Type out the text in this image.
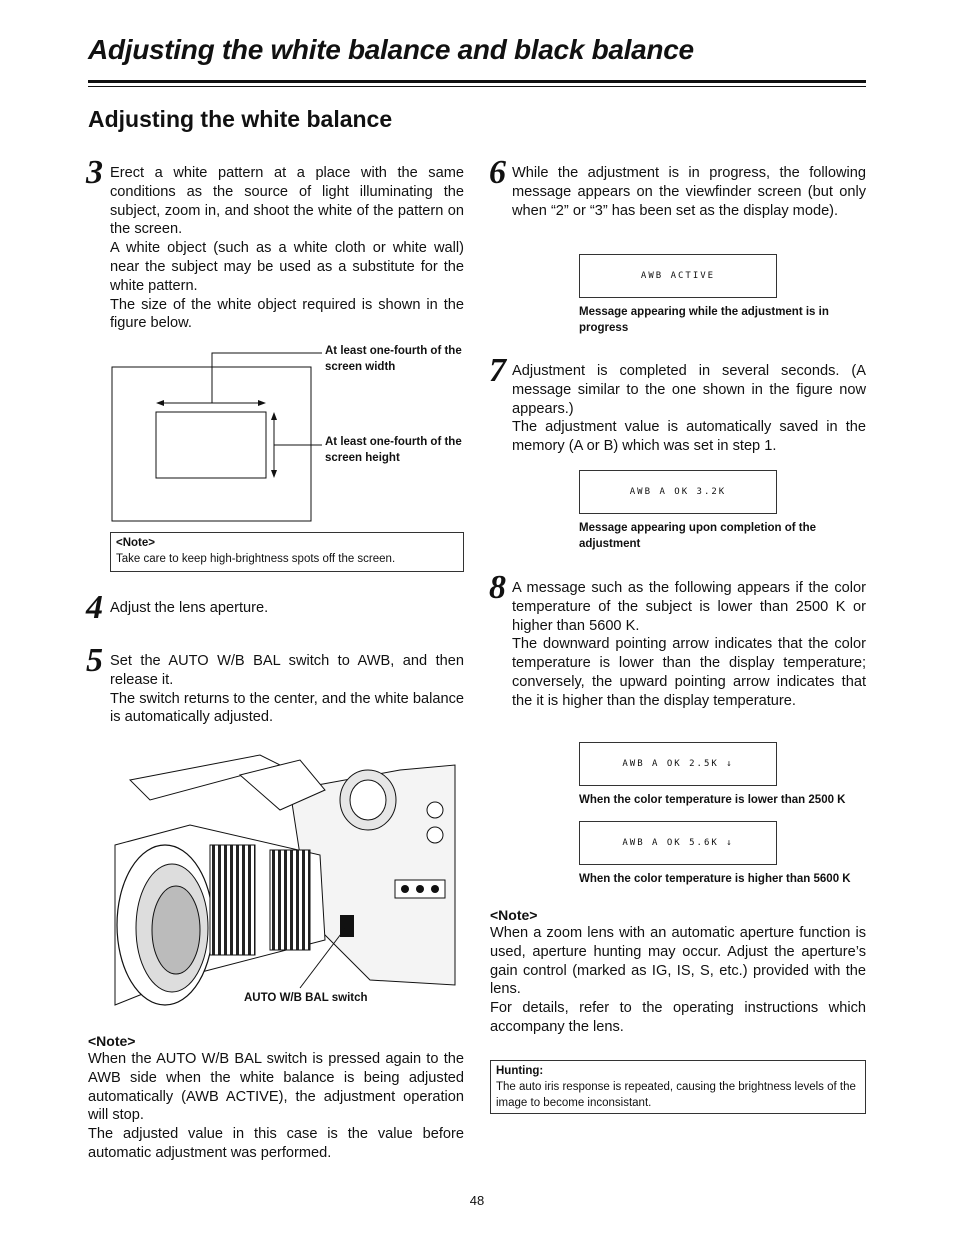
Adjusting the white balance and black balance
Adjusting the white balance
3 Erect a white pattern at a place with the same conditions as the source of light illuminating the subject, zoom in, and shoot the white of the pattern on the screen.

A white object (such as a white cloth or white wall) near the subject may be used as a substitute for the white pattern.

The size of the white object required is shown in the figure below.

At least one-fourth of the screen width
At least one-fourth of the screen height
<Note>
Take care to keep high-brightness spots off the screen.
4 Adjust the lens aperture.
5 Set the AUTO W/B BAL switch to AWB, and then release it.

The switch returns to the center, and the white balance is automatically adjusted.

AUTO W/B BAL switch
<Note>

When the AUTO W/B BAL switch is pressed again to the AWB side when the white balance is being adjusted automatically (AWB ACTIVE), the adjustment operation will stop.

The adjusted value in this case is the value before automatic adjustment was performed.

6 While the adjustment is in progress, the following message appears on the viewfinder screen (but only when “2” or “3” has been set as the display mode).
AWB ACTIVE
Message appearing while the adjustment is in progress
7 Adjustment is completed in several seconds. (A message similar to the one shown in the figure now appears.)

The adjustment value is automatically saved in the memory (A or B) which was set in step 1.

AWB A OK 3.2K
Message appearing upon completion of the adjustment
8 A message such as the following appears if the color temperature of the subject is lower than 2500 K or higher than 5600 K.

The downward pointing arrow indicates that the color temperature is lower than the display temperature; conversely, the upward pointing arrow indicates that the it is higher than the display temperature.

AWB A OK 2.5K ↓
When the color temperature is lower than 2500 K
AWB A OK 5.6K ↓
When the color temperature is higher than 5600 K
<Note>

When a zoom lens with an automatic aperture function is used, aperture hunting may occur. Adjust the aperture’s gain control (marked as IG, IS, S, etc.) provided with the lens.

For details, refer to the operating instructions which accompany the lens.

Hunting:
The auto iris response is repeated, causing the brightness levels of the image to become inconsistant.
48
